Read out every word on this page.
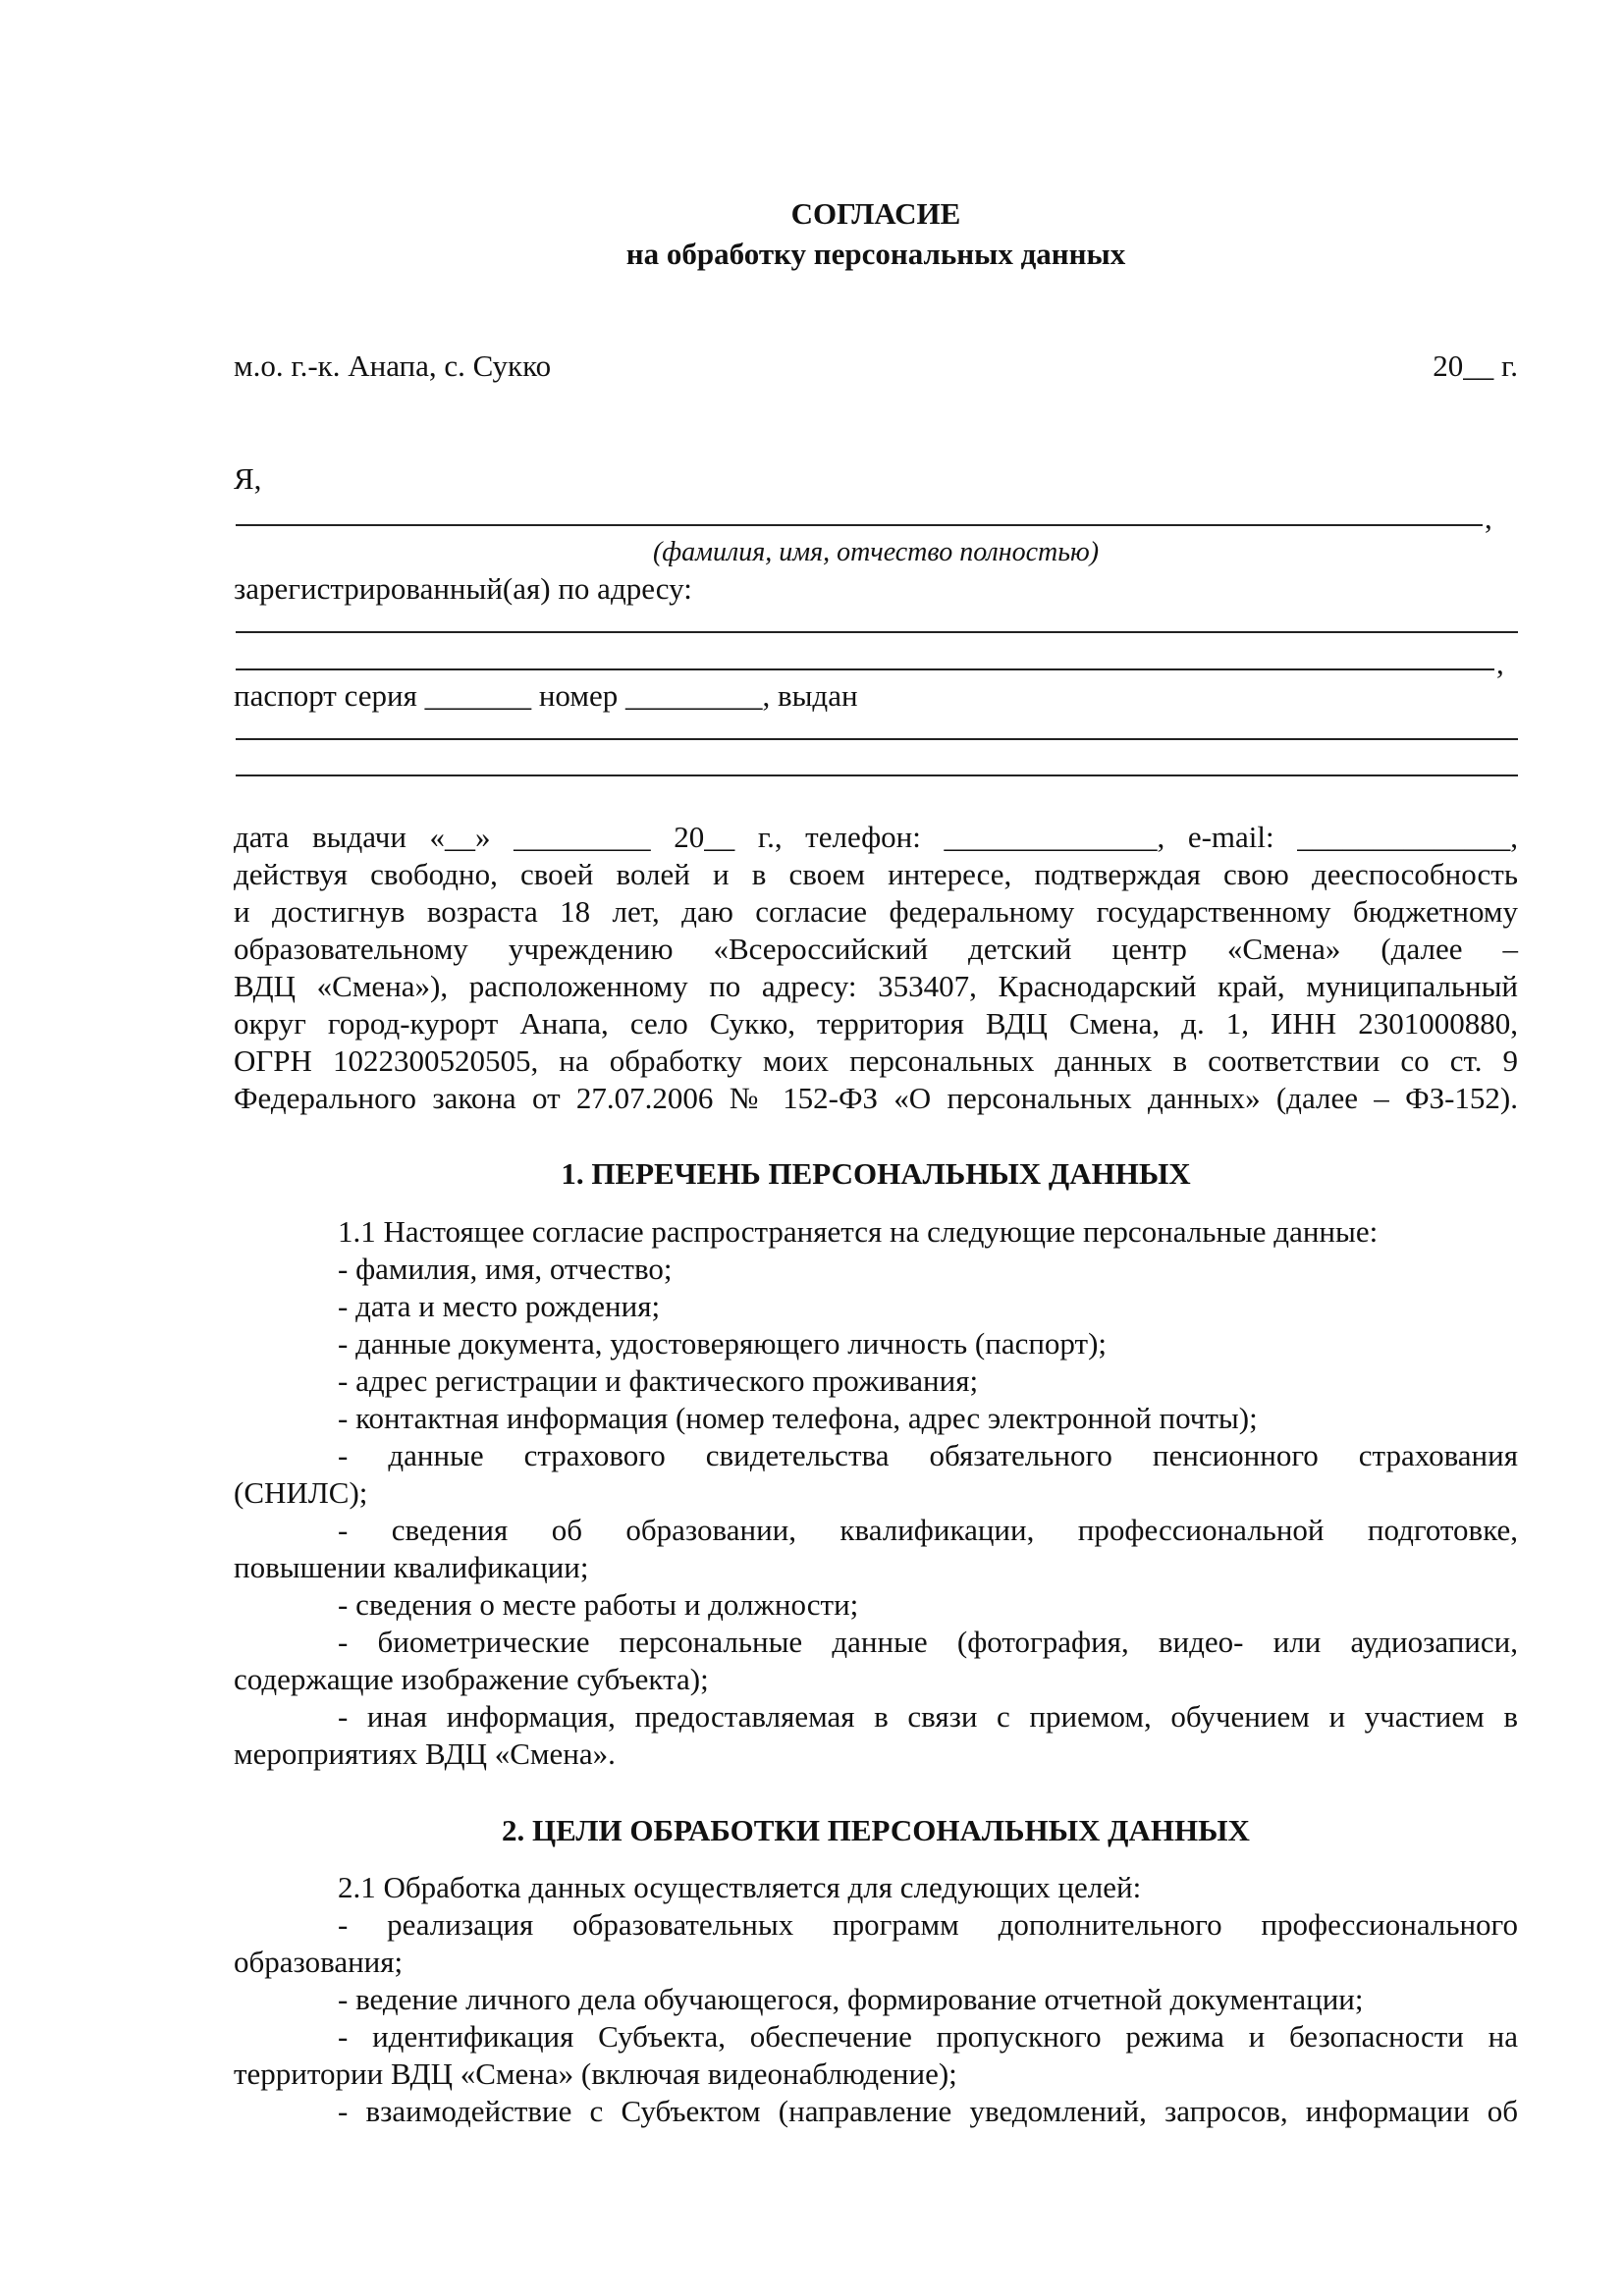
СОГЛАСИЕ
на обработку персональных данных
м.о. г.-к. Анапа, с. Сукко	20__ г.
Я,
,
(фамилия, имя, отчество полностью)
зарегистрированный(ая) по адресу:
,
паспорт серия _______ номер _________, выдан
дата выдачи «__» _________ 20__ г., телефон: ______________, e-mail: ______________,
действуя свободно, своей волей и в своем интересе, подтверждая свою дееспособность
и достигнув возраста 18 лет, даю согласие федеральному государственному бюджетному
образовательному учреждению «Всероссийский детский центр «Смена» (далее –
ВДЦ «Смена»), расположенному по адресу: 353407, Краснодарский край, муниципальный
округ город-курорт Анапа, село Сукко, территория ВДЦ Смена, д. 1, ИНН 2301000880,
ОГРН 1022300520505, на обработку моих персональных данных в соответствии со ст. 9
Федерального закона от 27.07.2006 № 152-ФЗ «О персональных данных» (далее – ФЗ-152).
1. ПЕРЕЧЕНЬ ПЕРСОНАЛЬНЫХ ДАННЫХ
1.1 Настоящее согласие распространяется на следующие персональные данные:
- фамилия, имя, отчество;
- дата и место рождения;
- данные документа, удостоверяющего личность (паспорт);
- адрес регистрации и фактического проживания;
- контактная информация (номер телефона, адрес электронной почты);
- данные страхового свидетельства обязательного пенсионного страхования
(СНИЛС);
- сведения об образовании, квалификации, профессиональной подготовке,
повышении квалификации;
- сведения о месте работы и должности;
- биометрические персональные данные (фотография, видео- или аудиозаписи,
содержащие изображение субъекта);
- иная информация, предоставляемая в связи с приемом, обучением и участием в
мероприятиях ВДЦ «Смена».
2. ЦЕЛИ ОБРАБОТКИ ПЕРСОНАЛЬНЫХ ДАННЫХ
2.1 Обработка данных осуществляется для следующих целей:
- реализация образовательных программ дополнительного профессионального
образования;
- ведение личного дела обучающегося, формирование отчетной документации;
- идентификация Субъекта, обеспечение пропускного режима и безопасности на
территории ВДЦ «Смена» (включая видеонаблюдение);
- взаимодействие с Субъектом (направление уведомлений, запросов, информации об
